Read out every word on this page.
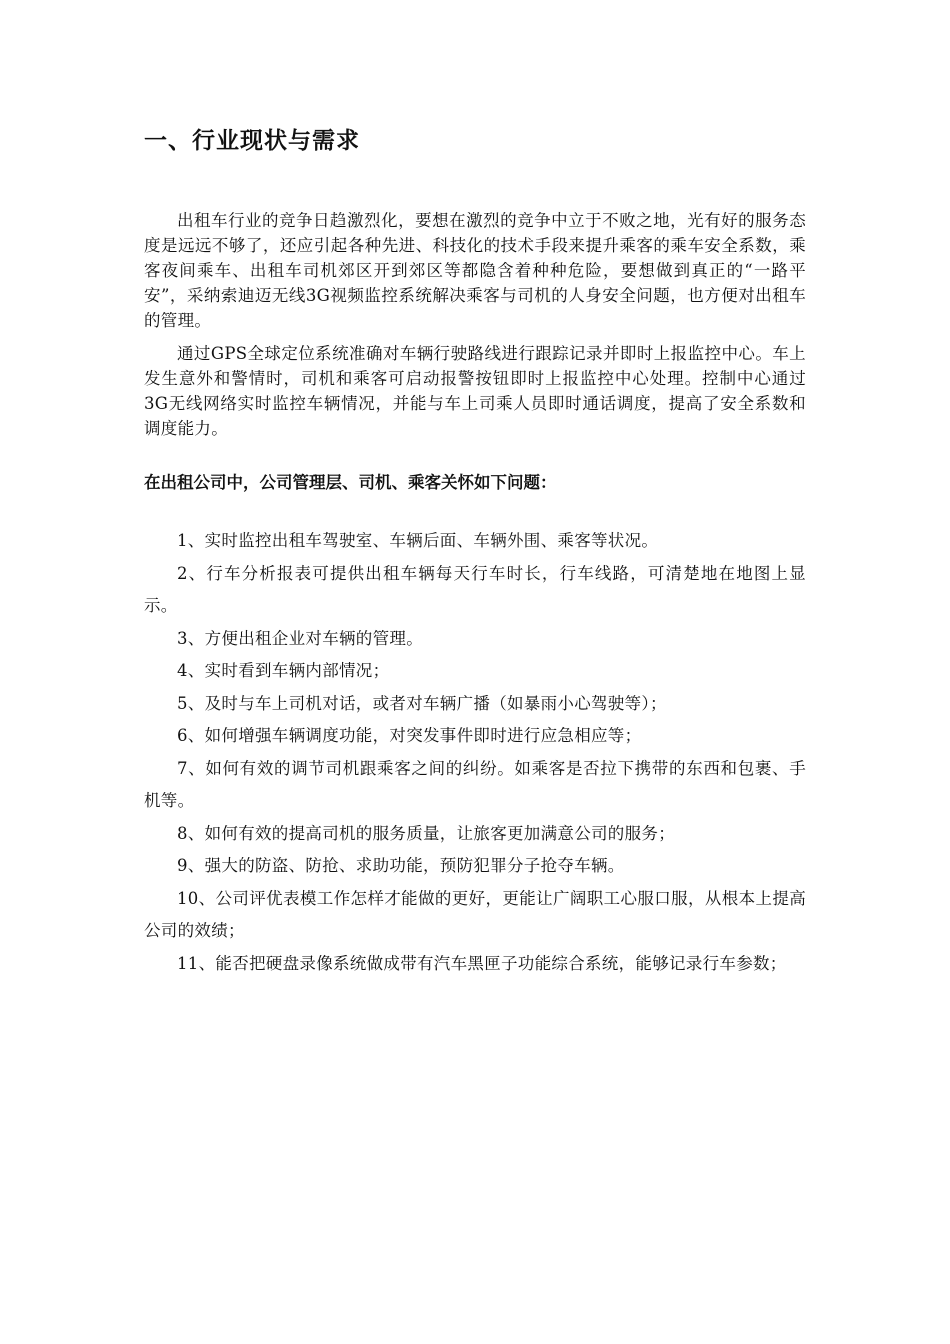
一、行业现状与需求

出租车行业的竞争日趋激烈化，要想在激烈的竞争中立于不败之地，光有好的服务态度是远远不够了，还应引起各种先进、科技化的技术手段来提升乘客的乘车安全系数，乘客夜间乘车、出租车司机郊区开到郊区等都隐含着种种危险，要想做到真正的“一路平安”，采纳索迪迈无线3G视频监控系统解决乘客与司机的人身安全问题，也方便对出租车的管理。

通过GPS全球定位系统准确对车辆行驶路线进行跟踪记录并即时上报监控中心。车上发生意外和警情时，司机和乘客可启动报警按钮即时上报监控中心处理。控制中心通过3G无线网络实时监控车辆情况，并能与车上司乘人员即时通话调度，提高了安全系数和调度能力。

在出租公司中，公司管理层、司机、乘客关怀如下问题：
1、实时监控出租车驾驶室、车辆后面、车辆外围、乘客等状况。
2、行车分析报表可提供出租车辆每天行车时长，行车线路，可清楚地在地图上显示。
3、方便出租企业对车辆的管理。
4、实时看到车辆内部情况；
5、及时与车上司机对话，或者对车辆广播（如暴雨小心驾驶等）；
6、如何增强车辆调度功能，对突发事件即时进行应急相应等；
7、如何有效的调节司机跟乘客之间的纠纷。如乘客是否拉下携带的东西和包裹、手机等。
8、如何有效的提高司机的服务质量，让旅客更加满意公司的服务；
9、强大的防盗、防抢、求助功能，预防犯罪分子抢夺车辆。
10、公司评优表模工作怎样才能做的更好，更能让广阔职工心服口服，从根本上提高公司的效绩；
11、能否把硬盘录像系统做成带有汽车黑匣子功能综合系统，能够记录行车参数；
